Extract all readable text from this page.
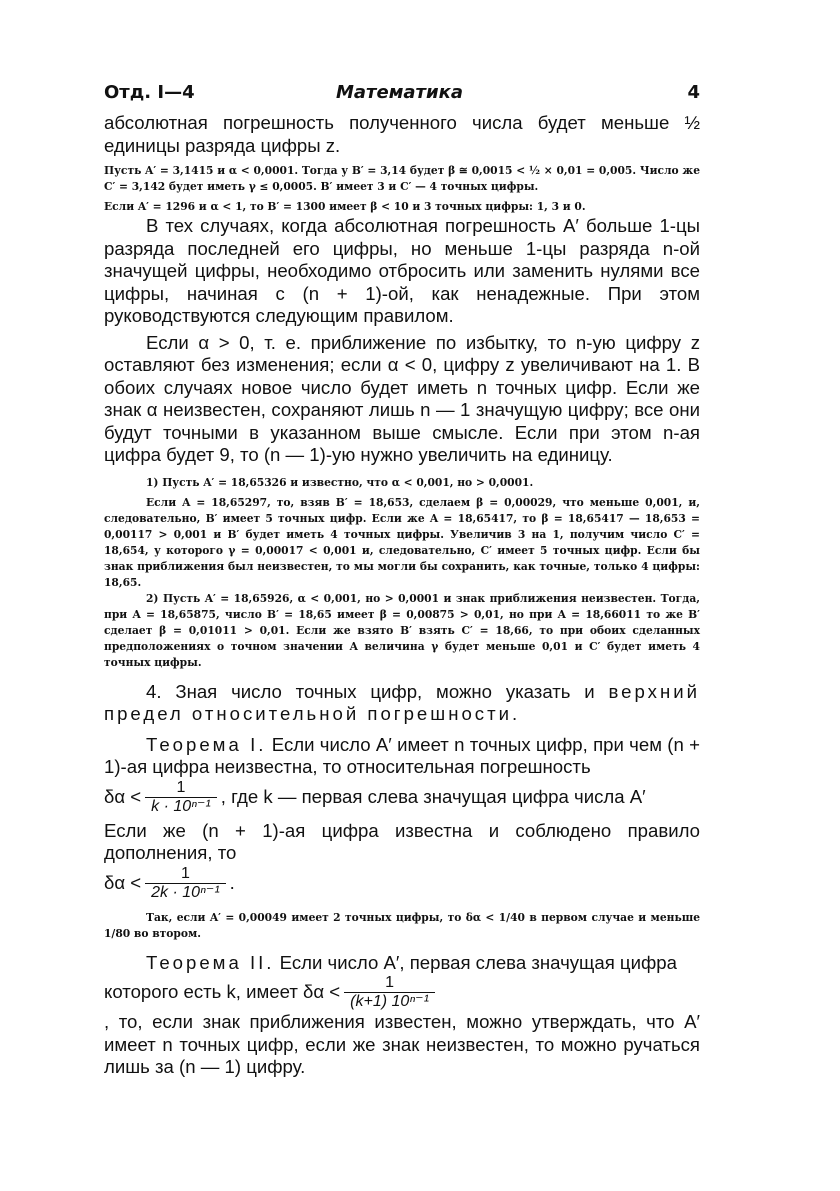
Отд. I—4	Математика	4

абсолютная погрешность полученного числа будет меньше ½ единицы разряда цифры z.

Пусть A′ = 3,1415 и α < 0,0001. Тогда у B′ = 3,14 будет β ≅ 0,0015 < ½ × 0,01 = 0,005. Число же C′ = 3,142 будет иметь γ ≤ 0,0005. B′ имеет 3 и C′ — 4 точных цифры.

Если A′ = 1296 и α < 1, то B′ = 1300 имеет β < 10 и 3 точных цифры: 1, 3 и 0.

В тех случаях, когда абсолютная погрешность A′ больше 1-цы разряда последней его цифры, но меньше 1-цы разряда n-ой значущей цифры, необходимо отбросить или заменить нулями все цифры, начиная с (n + 1)-ой, как ненадежные. При этом руководствуются следующим правилом.

Если α > 0, т. е. приближение по избытку, то n-ую цифру z оставляют без изменения; если α < 0, цифру z увеличивают на 1. В обоих случаях новое число будет иметь n точных цифр. Если же знак α неизвестен, сохраняют лишь n — 1 значущую цифру; все они будут точными в указанном выше смысле. Если при этом n-ая цифра будет 9, то (n — 1)-ую нужно увеличить на единицу.

1) Пусть A′ = 18,65326 и известно, что α < 0,001, но > 0,0001.

Если A = 18,65297, то, взяв B′ = 18,653, сделаем β = 0,00029, что меньше 0,001, и, следовательно, B′ имеет 5 точных цифр. Если же A = 18,65417, то β = 18,65417 — 18,653 = 0,00117 > 0,001 и B′ будет иметь 4 точных цифры. Увеличив 3 на 1, получим число C′ = 18,654, у которого γ = 0,00017 < 0,001 и, следовательно, C′ имеет 5 точных цифр. Если бы знак приближения был неизвестен, то мы могли бы сохранить, как точные, только 4 цифры: 18,65.

2) Пусть A′ = 18,65926, α < 0,001, но > 0,0001 и знак приближения неизвестен. Тогда, при A = 18,65875, число B′ = 18,65 имеет β = 0,00875 > 0,01, но при A = 18,66011 то же B′ сделает β = 0,01011 > 0,01. Если же взято B′ взять C′ = 18,66, то при обоих сделанных предположениях о точном значении A величина γ будет меньше 0,01 и C′ будет иметь 4 точных цифры.

4. Зная число точных цифр, можно указать и верхний предел относительной погрешности.

Теорема I. Если число A′ имеет n точных цифр, при чем (n + 1)-ая цифра неизвестна, то относительная погрешность

$\delta\alpha < \frac{1}{\text{k · 10ⁿ⁻¹}}$ , где k — первая слева значущая цифра числа A′

Если же (n + 1)-ая цифра известна и соблюдено правило дополнения, то

$\delta\alpha < \frac{1}{\text{2k · 10ⁿ⁻¹}}$ .

Так, если A′ = 0,00049 имеет 2 точных цифры, то δα < 1/40 в первом случае и меньше 1/80 во втором.

Теорема II. Если число A′, первая слева значущая цифра

которого есть k, имеет
$\delta\alpha < \frac{1}{\text{(k+1) 10ⁿ⁻¹}}$

, то, если знак приближения известен, можно утверждать, что A′ имеет n точных цифр, если же знак неизвестен, то можно ручаться лишь за (n — 1) цифру.
